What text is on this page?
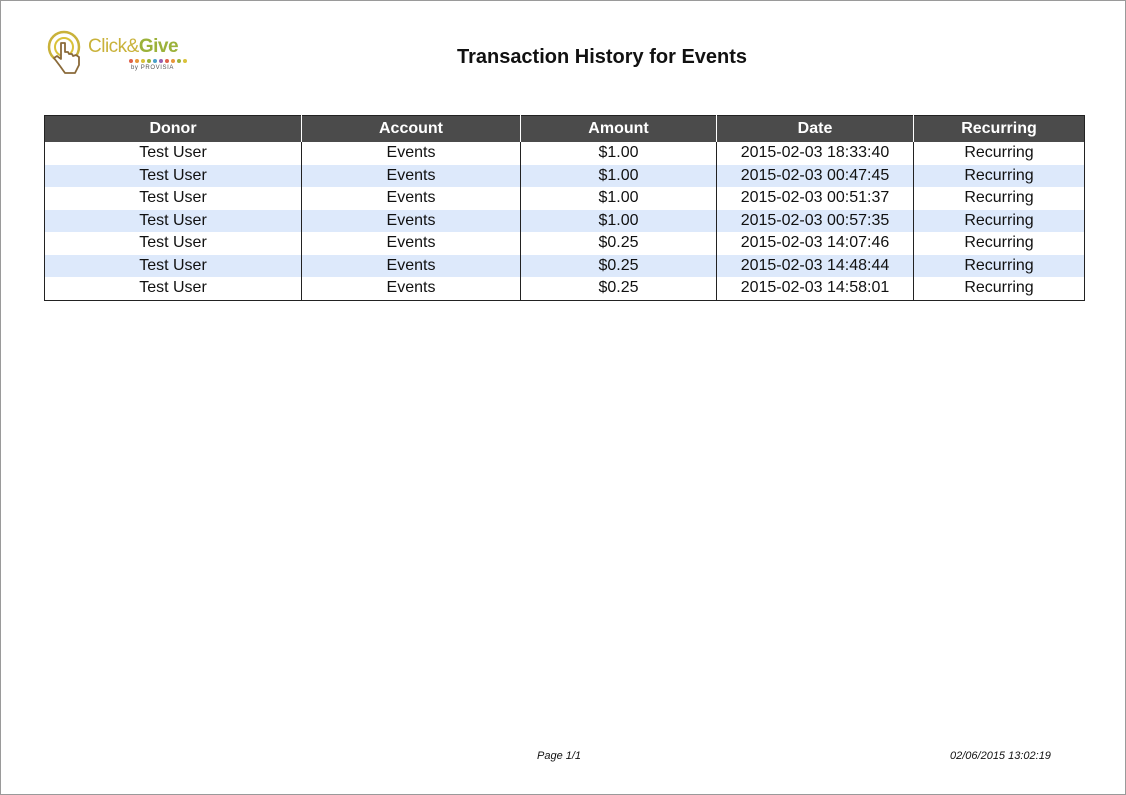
Click&Give
by PROVISIA	Transaction History for Events
Donor	Account	Amount	Date	Recurring
Test User	Events	$1.00	2015-02-03 18:33:40	Recurring
Test User	Events	$1.00	2015-02-03 00:47:45	Recurring
Test User	Events	$1.00	2015-02-03 00:51:37	Recurring
Test User	Events	$1.00	2015-02-03 00:57:35	Recurring
Test User	Events	$0.25	2015-02-03 14:07:46	Recurring
Test User	Events	$0.25	2015-02-03 14:48:44	Recurring
Test User	Events	$0.25	2015-02-03 14:58:01	Recurring
Page 1/1	02/06/2015 13:02:19
